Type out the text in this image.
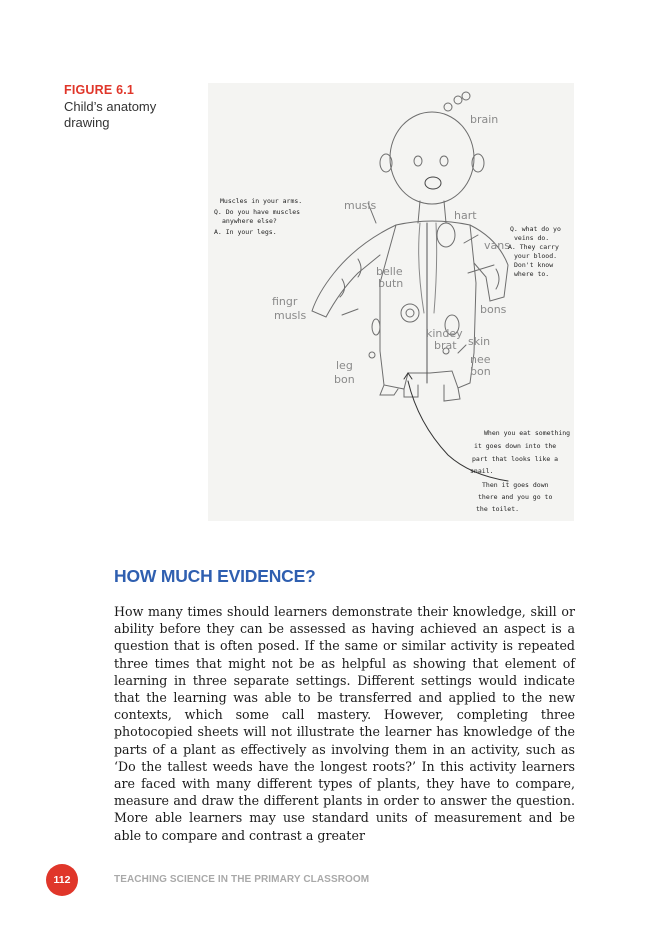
FIGURE 6.1
Child’s anatomy drawing	brain
musls
hart
vans
belle
butn
bons
fingr
musls
kindey
brat skin
nee
bon
leg
bon
Muscles in your arms.
Q. Do you have muscles
anywhere else?
A. In your legs.	Q. what do yo
veins do.
A. They carry
your blood.
Don't know
where to.
When you eat something
it goes down into the
part that looks like a
snail.
Then it goes down
there and you go to
the toilet.
HOW MUCH EVIDENCE?

How many times should learners demonstrate their knowledge, skill or ability before they can be assessed as having achieved an aspect is a question that is often posed. If the same or similar activity is repeated three times that might not be as helpful as showing that element of learning in three separate settings. Different settings would indicate that the learning was able to be transferred and applied to the new contexts, which some call mastery. However, completing three photocopied sheets will not illustrate the learner has knowledge of the parts of a plant as effectively as involving them in an activity, such as ‘Do the tallest weeds have the longest roots?’ In this activity learners are faced with many different types of plants, they have to compare, measure and draw the different plants in order to answer the question. More able learners may use standard units of measurement and be able to compare and contrast a greater

112	TEACHING SCIENCE IN THE PRIMARY CLASSROOM
